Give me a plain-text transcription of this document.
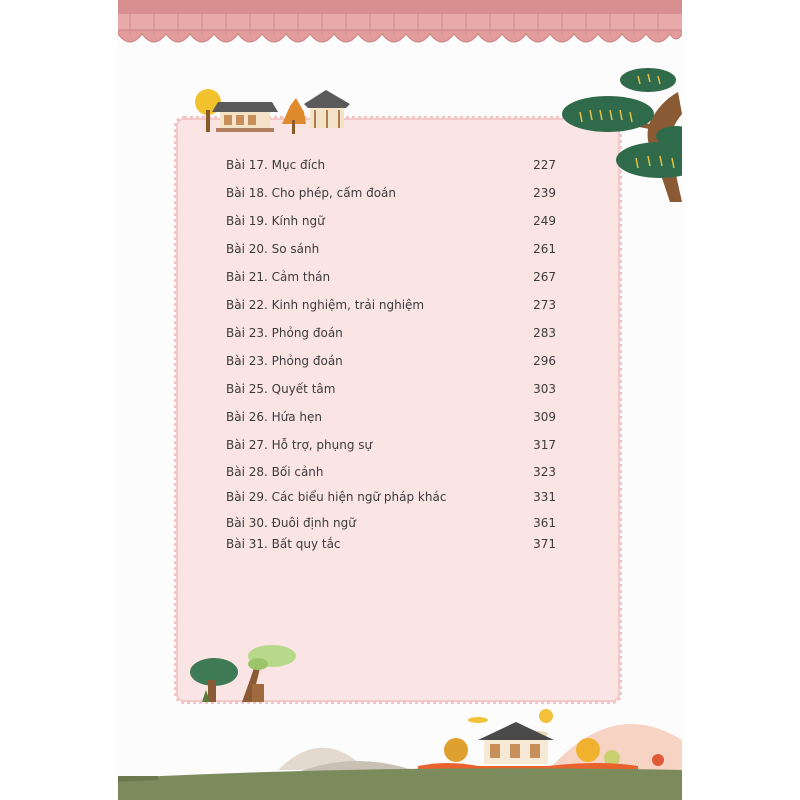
Bài 17. Mục đích	227
Bài 18. Cho phép, cấm đoán	239
Bài 19. Kính ngữ	249
Bài 20. So sánh	261
Bài 21. Cảm thán	267
Bài 22. Kinh nghiệm, trải nghiệm	273
Bài 23. Phỏng đoán	283
Bài 23. Phỏng đoán	296
Bài 25. Quyết tâm	303
Bài 26. Hứa hẹn	309
Bài 27. Hỗ trợ, phụng sự	317
Bài 28. Bối cảnh	323
Bài 29. Các biểu hiện ngữ pháp khác	331
Bài 30. Đuôi định ngữ	361
Bài 31. Bất quy tắc	371
